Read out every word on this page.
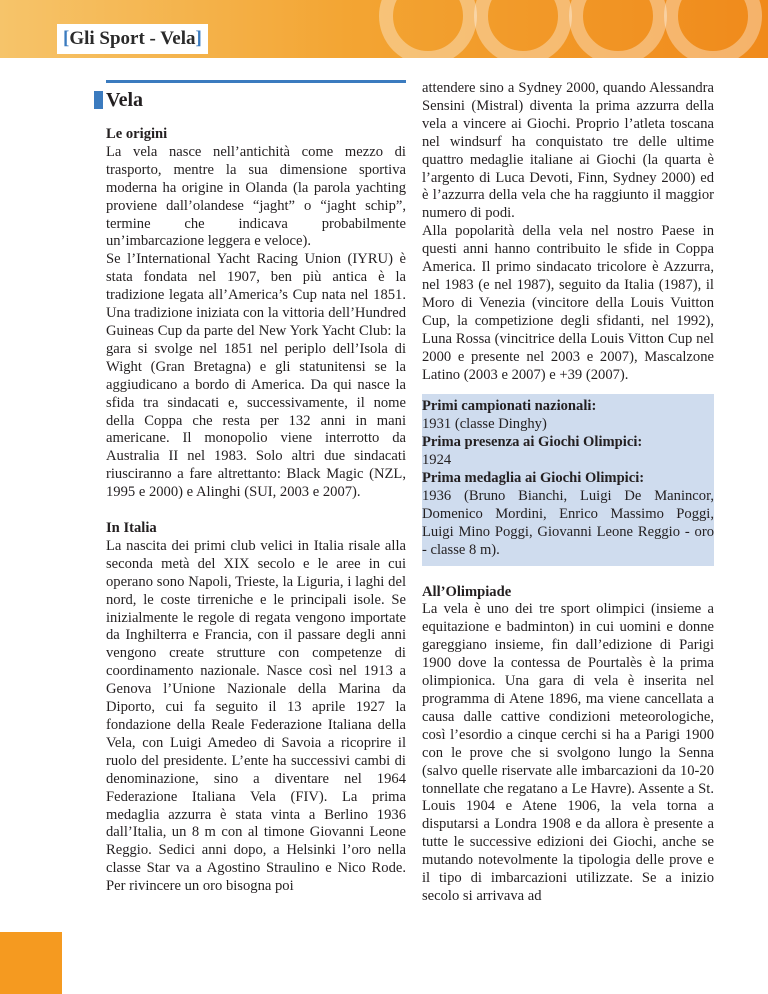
[Gli Sport - Vela]
Vela

Le origini

La vela nasce nell’antichità come mezzo di trasporto, mentre la sua dimensione sportiva moderna ha origine in Olanda (la parola yachting proviene dall’olandese “jaght” o “jaght schip”, termine che indicava probabilmente un’imbarcazione leggera e veloce).

Se l’International Yacht Racing Union (IYRU) è stata fondata nel 1907, ben più antica è la tradizione legata all’America’s Cup nata nel 1851. Una tradizione iniziata con la vittoria dell’Hundred Guineas Cup da parte del New York Yacht Club: la gara si svolge nel 1851 nel periplo dell’Isola di Wight (Gran Bretagna) e gli statunitensi se la aggiudicano a bordo di America. Da qui nasce la sfida tra sindacati e, successivamente, il nome della Coppa che resta per 132 anni in mani americane. Il monopolio viene interrotto da Australia II nel 1983. Solo altri due sindacati riusciranno a fare altrettanto: Black Magic (NZL, 1995 e 2000) e Alinghi (SUI, 2003 e 2007).

In Italia

La nascita dei primi club velici in Italia risale alla seconda metà del XIX secolo e le aree in cui operano sono Napoli, Trieste, la Liguria, i laghi del nord, le coste tirreniche e le principali isole. Se inizialmente le regole di regata vengono importate da Inghilterra e Francia, con il passare degli anni vengono create strutture con competenze di coordinamento nazionale. Nasce così nel 1913 a Genova l’Unione Nazionale della Marina da Diporto, cui fa seguito il 13 aprile 1927 la fondazione della Reale Federazione Italiana della Vela, con Luigi Amedeo di Savoia a ricoprire il ruolo del presidente. L’ente ha successivi cambi di denominazione, sino a diventare nel 1964 Federazione Italiana Vela (FIV). La prima medaglia azzurra è stata vinta a Berlino 1936 dall’Italia, un 8 m con al timone Giovanni Leone Reggio. Sedici anni dopo, a Helsinki l’oro nella classe Star va a Agostino Straulino e Nico Rode. Per rivincere un oro bisogna poi

attendere sino a Sydney 2000, quando Alessandra Sensini (Mistral) diventa la prima azzurra della vela a vincere ai Giochi. Proprio l’atleta toscana nel windsurf ha conquistato tre delle ultime quattro medaglie italiane ai Giochi (la quarta è l’argento di Luca Devoti, Finn, Sydney 2000) ed è l’azzurra della vela che ha raggiunto il maggior numero di podi.

Alla popolarità della vela nel nostro Paese in questi anni hanno contribuito le sfide in Coppa America. Il primo sindacato tricolore è Azzurra, nel 1983 (e nel 1987), seguito da Italia (1987), il Moro di Venezia (vincitore della Louis Vuitton Cup, la competizione degli sfidanti, nel 1992), Luna Rossa (vincitrice della Louis Vitton Cup nel 2000 e presente nel 2003 e 2007), Mascalzone Latino (2003 e 2007) e +39 (2007).

Primi campionati nazionali:

1931 (classe Dinghy)

Prima presenza ai Giochi Olimpici:

1924

Prima medaglia ai Giochi Olimpici:

1936 (Bruno Bianchi, Luigi De Manincor, Domenico Mordini, Enrico Massimo Poggi, Luigi Mino Poggi, Giovanni Leone Reggio - oro - classe 8 m).

All’Olimpiade

La vela è uno dei tre sport olimpici (insieme a equitazione e badminton) in cui uomini e donne gareggiano insieme, fin dall’edizione di Parigi 1900 dove la contessa de Pourtalès è la prima olimpionica. Una gara di vela è inserita nel programma di Atene 1896, ma viene cancellata a causa dalle cattive condizioni meteorologiche, così l’esordio a cinque cerchi si ha a Parigi 1900 con le prove che si svolgono lungo la Senna (salvo quelle riservate alle imbarcazioni da 10-20 tonnellate che regatano a Le Havre). Assente a St. Louis 1904 e Atene 1906, la vela torna a disputarsi a Londra 1908 e da allora è presente a tutte le successive edizioni dei Giochi, anche se mutando notevolmente la tipologia delle prove e il tipo di imbarcazioni utilizzate. Se a inizio secolo si arrivava ad
